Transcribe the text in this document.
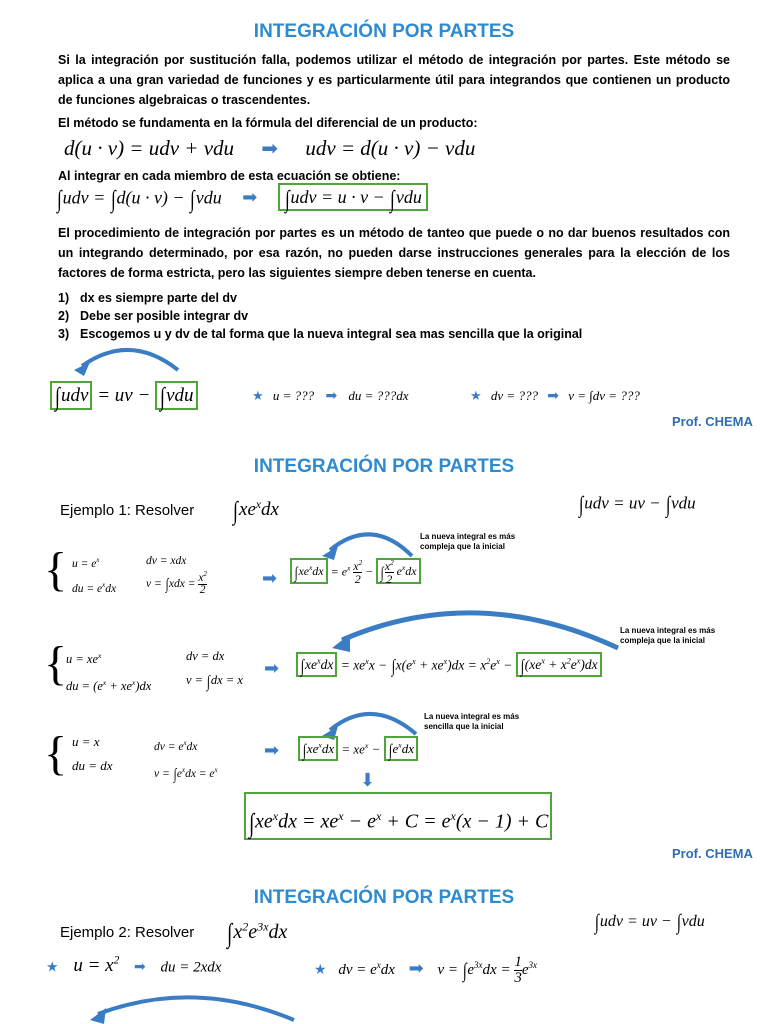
INTEGRACIÓN POR PARTES
Si la integración por sustitución falla, podemos utilizar el método de integración por partes. Este método se aplica a una gran variedad de funciones y es particularmente útil para integrandos que contienen un producto de funciones algebraicas o trascendentes.
El método se fundamenta en la fórmula del diferencial de un producto:
d(u · v) = udv + vdu ➡ udv = d(u · v) − vdu
Al integrar en cada miembro de esta ecuación se obtiene:
∫udv = ∫d(u · v) − ∫vdu ➡ ∫udv = u · v − ∫vdu
El procedimiento de integración por partes es un método de tanteo que puede o no dar buenos resultados con un integrando determinado, por esa razón, no pueden darse instrucciones generales para la elección de los factores de forma estricta, pero las siguientes siempre deben tenerse en cuenta.
1) dx es siempre parte del dv
2) Debe ser posible integrar dv
3) Escogemos u y dv de tal forma que la nueva integral sea mas sencilla que la original
∫udv = uv − ∫vdu	★ u = ??? ➡ du = ???dx	★ dv = ??? ➡ v = ∫dv = ???
Prof. CHEMA
INTEGRACIÓN POR PARTES
Ejemplo 1: Resolver $\int xe^xdx$	∫udv = uv − ∫vdu
{ $u = e^x$
du = $e^xdx$
dv = xdx
$v = \int xdx = \frac{x^2}{2}$	➡
La nueva integral es más compleja que la inicial
$\int xe^xdx = e^x \frac{x^2}{2}$ − ∫ $\frac{x^2}{2} e^xdx$
La nueva integral es más compleja que la inicial
{
$u = xe^x$
du = $(e^x + xe^x)dx$
dv = dx
v = ∫dx = x
➡ $\int xe^xdx = xe^xx - \int x(e^x + xe^x)dx = x^2e^x - \int(xe^x + x^2e^x)dx$
La nueva integral es más sencilla que la inicial
{ u = x
du = dx
dv = $e^xdx$
$v = \int e^xdx = e^x$
➡ $\int xe^xdx = xe^x - \int e^xdx$
⬇
$\int xe^xdx = xe^x - e^x + C = e^x(x - 1) + C$
Prof. CHEMA
INTEGRACIÓN POR PARTES
∫udv = uv − ∫vdu
Ejemplo 2: Resolver $\int x^2e^{3x}dx$
★ $u = x^2$ ➡ du = 2xdx	★ dv = $e^xdx$ ➡ $v = \int e^{3x}dx = \frac{1}{3} e^{3x}$
